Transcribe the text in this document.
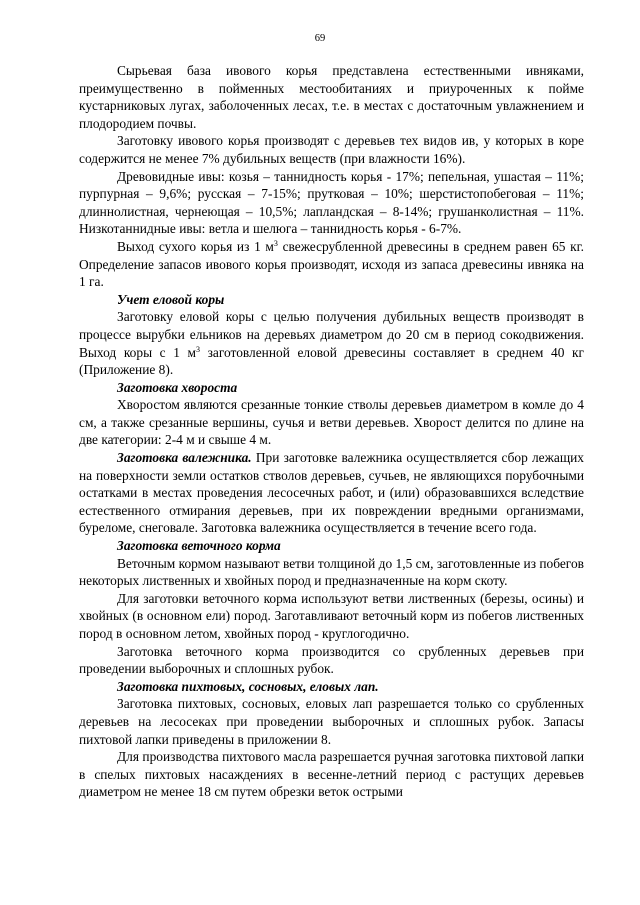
69

Сырьевая база ивового корья представлена естественными ивняками, преимущественно в пойменных местообитаниях и приуроченных к пойме кустарниковых лугах, заболоченных лесах, т.е. в местах с достаточным увлажнением и плодородием почвы.

Заготовку ивового корья производят с деревьев тех видов ив, у которых в коре содержится не менее 7% дубильных веществ (при влажности 16%).

Древовидные ивы: козья – таннидность корья - 17%; пепельная, ушастая – 11%; пурпурная – 9,6%; русская – 7-15%; прутковая – 10%; шерстистопобеговая – 11%; длиннолистная, чернеющая – 10,5%; лапландская – 8-14%; грушанколистная – 11%. Низкотаннидные ивы: ветла и шелюга – таннидность корья - 6-7%.

Выход сухого корья из 1 $м^3$ свежесрубленной древесины в среднем равен 65 кг. Определение запасов ивового корья производят, исходя из запаса древесины ивняка на 1 га.

Учет еловой коры

Заготовку еловой коры с целью получения дубильных веществ производят в процессе вырубки ельников на деревьях диаметром до 20 см в период сокодвижения. Выход коры с 1 $м^3$ заготовленной еловой древесины составляет в среднем 40 кг (Приложение 8).

Заготовка хвороста

Хворостом являются срезанные тонкие стволы деревьев диаметром в комле до 4 см, а также срезанные вершины, сучья и ветви деревьев. Хворост делится по длине на две категории: 2-4 м и свыше 4 м.

Заготовка валежника. При заготовке валежника осуществляется сбор лежащих на поверхности земли остатков стволов деревьев, сучьев, не являющихся порубочными остатками в местах проведения лесосечных работ, и (или) образовавшихся вследствие естественного отмирания деревьев, при их повреждении вредными организмами, буреломе, снеговале. Заготовка валежника осуществляется в течение всего года.

Заготовка веточного корма

Веточным кормом называют ветви толщиной до 1,5 см, заготовленные из побегов некоторых лиственных и хвойных пород и предназначенные на корм скоту.

Для заготовки веточного корма используют ветви лиственных (березы, осины) и хвойных (в основном ели) пород. Заготавливают веточный корм из побегов лиственных пород в основном летом, хвойных пород - круглогодично.

Заготовка веточного корма производится со срубленных деревьев при проведении выборочных и сплошных рубок.

Заготовка пихтовых, сосновых, еловых лап.

Заготовка пихтовых, сосновых, еловых лап разрешается только со срубленных деревьев на лесосеках при проведении выборочных и сплошных рубок. Запасы пихтовой лапки приведены в приложении 8.

Для производства пихтового масла разрешается ручная заготовка пихтовой лапки в спелых пихтовых насаждениях в весенне-летний период с растущих деревьев диаметром не менее 18 см путем обрезки веток острыми
